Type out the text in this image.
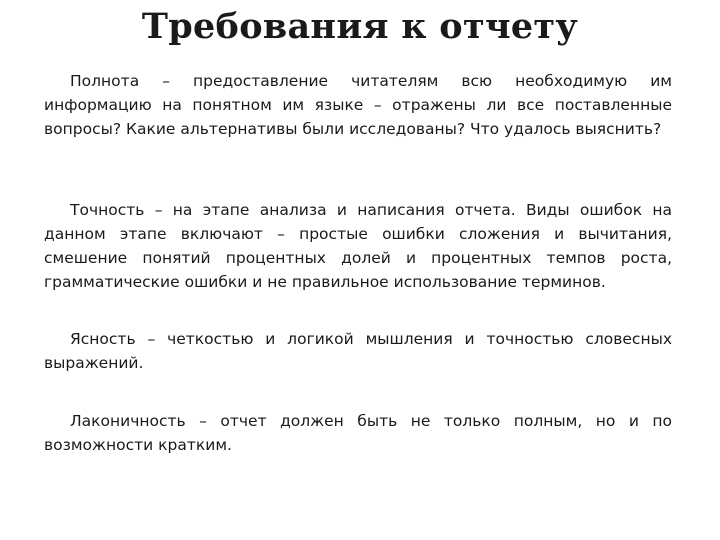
Требования к отчету

Полнота – предоставление читателям всю необходимую им информацию на понятном им языке – отражены ли все поставленные вопросы? Какие альтернативы были исследованы? Что удалось выяснить?

Точность – на этапе анализа и написания отчета. Виды ошибок на данном этапе включают – простые ошибки сложения и вычитания, смешение понятий процентных долей и процентных темпов роста, грамматические ошибки и не правильное использование терминов.

Ясность – четкостью и логикой мышления и точностью словесных выражений.

Лаконичность – отчет должен быть не только полным, но и по возможности кратким.
